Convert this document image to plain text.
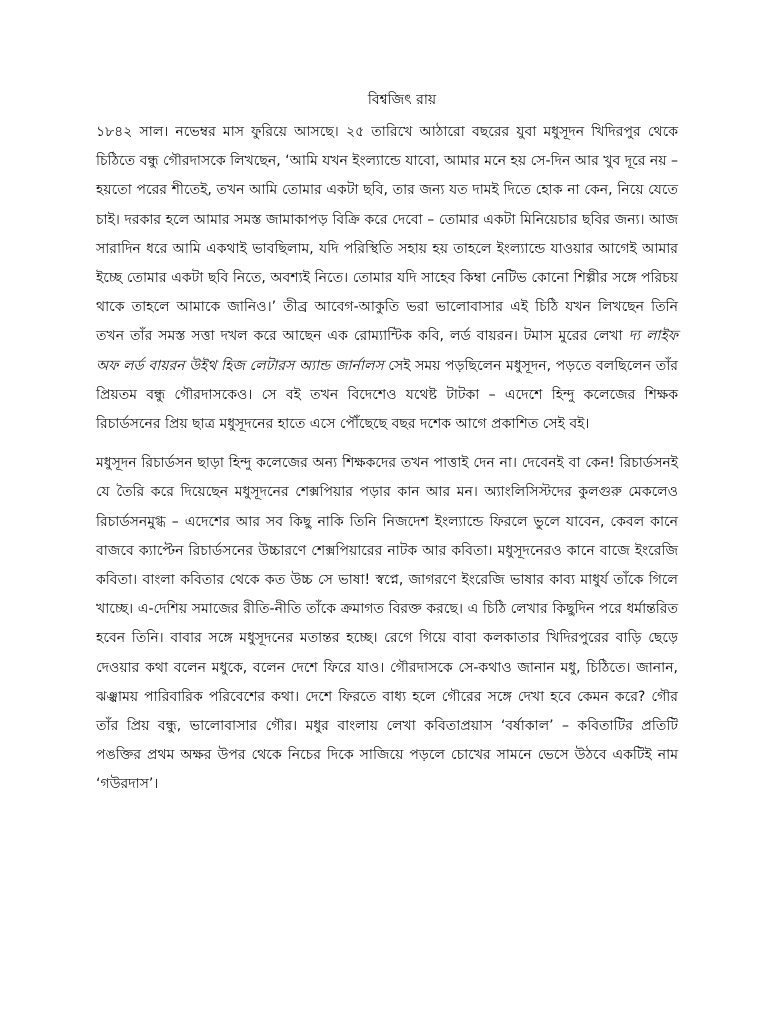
বিশ্বজিৎ রায়

১৮৪২ সাল। নভেম্বর মাস ফুরিয়ে আসছে। ২৫ তারিখে আঠারো বছরের যুবা মধুসূদন খিদিরপুর থেকে চিঠিতে বন্ধু গৌরদাসকে লিখছেন, ‘আমি যখন ইংল্যান্ডে যাবো, আমার মনে হয় সে-দিন আর খুব দূরে নয় – হয়তো পরের শীতেই, তখন আমি তোমার একটা ছবি, তার জন্য যত দামই দিতে হোক না কেন, নিয়ে যেতে চাই। দরকার হলে আমার সমস্ত জামাকাপড় বিক্রি করে দেবো – তোমার একটা মিনিয়েচার ছবির জন্য। আজ সারাদিন ধরে আমি একথাই ভাবছিলাম, যদি পরিস্থিতি সহায় হয় তাহলে ইংল্যান্ডে যাওয়ার আগেই আমার ইচ্ছে তোমার একটা ছবি নিতে, অবশ্যই নিতে। তোমার যদি সাহেব কিম্বা নেটিভ কোনো শিল্পীর সঙ্গে পরিচয় থাকে তাহলে আমাকে জানিও।’ তীব্র আবেগ-আকুতি ভরা ভালোবাসার এই চিঠি যখন লিখছেন তিনি তখন তাঁর সমস্ত সত্তা দখল করে আছেন এক রোম্যান্টিক কবি, লর্ড বায়রন। টমাস মুরের লেখা দ্য লাইফ অফ লর্ড বায়রন উইথ হিজ লেটারস অ্যান্ড জার্নালস সেই সময় পড়ছিলেন মধুসূদন, পড়তে বলছিলেন তাঁর প্রিয়তম বন্ধু গৌরদাসকেও। সে বই তখন বিদেশেও যথেষ্ট টাটকা – এদেশে হিন্দু কলেজের শিক্ষক রিচার্ডসনের প্রিয় ছাত্র মধুসূদনের হাতে এসে পৌঁছেছে বছর দশেক আগে প্রকাশিত সেই বই।

মধুসূদন রিচার্ডসন ছাড়া হিন্দু কলেজের অন্য শিক্ষকদের তখন পাত্তাই দেন না। দেবেনই বা কেন! রিচার্ডসনই যে তৈরি করে দিয়েছেন মধুসূদনের শেক্সপিয়ার পড়ার কান আর মন। অ্যাংলিসিস্টদের কুলগুরু মেকলেও রিচার্ডসনমুগ্ধ – এদেশের আর সব কিছু নাকি তিনি নিজদেশ ইংল্যান্ডে ফিরলে ভুলে যাবেন, কেবল কানে বাজবে ক্যাপ্টেন রিচার্ডসনের উচ্চারণে শেক্সপিয়ারের নাটক আর কবিতা। মধুসূদনেরও কানে বাজে ইংরেজি কবিতা। বাংলা কবিতার থেকে কত উচ্চ সে ভাষা! স্বপ্নে, জাগরণে ইংরেজি ভাষার কাব্য মাধুর্য তাঁকে গিলে খাচ্ছে। এ-দেশিয় সমাজের রীতি-নীতি তাঁকে ক্রমাগত বিরক্ত করছে। এ চিঠি লেখার কিছুদিন পরে ধর্মান্তরিত হবেন তিনি। বাবার সঙ্গে মধুসূদনের মতান্তর হচ্ছে। রেগে গিয়ে বাবা কলকাতার খিদিরপুরের বাড়ি ছেড়ে দেওয়ার কথা বলেন মধুকে, বলেন দেশে ফিরে যাও। গৌরদাসকে সে-কথাও জানান মধু, চিঠিতে। জানান, ঝঞ্ঝাময় পারিবারিক পরিবেশের কথা। দেশে ফিরতে বাধ্য হলে গৌরের সঙ্গে দেখা হবে কেমন করে? গৌর তাঁর প্রিয় বন্ধু, ভালোবাসার গৌর। মধুর বাংলায় লেখা কবিতাপ্রয়াস ‘বর্ষাকাল’ – কবিতাটির প্রতিটি পঙক্তির প্রথম অক্ষর উপর থেকে নিচের দিকে সাজিয়ে পড়লে চোখের সামনে ভেসে উঠবে একটিই নাম ‘গউরদাস’।
